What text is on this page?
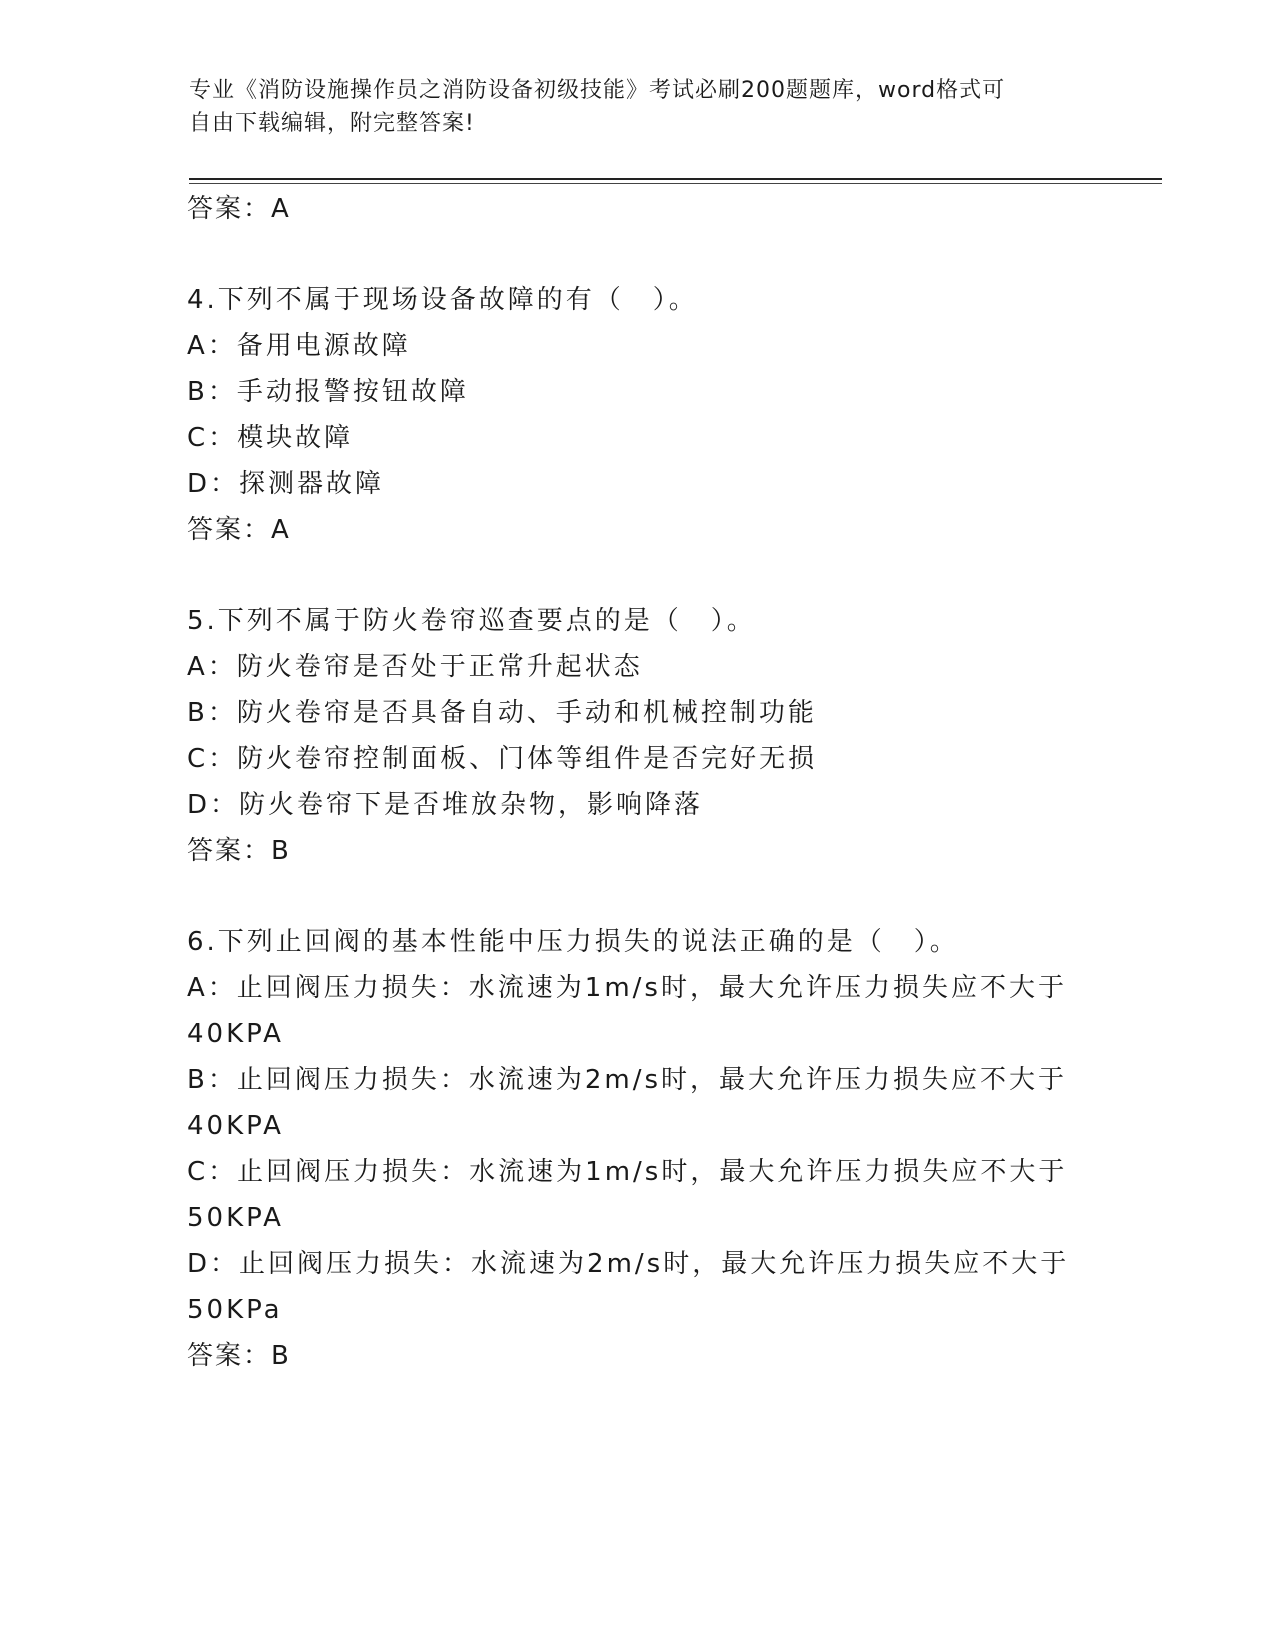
专业《消防设施操作员之消防设备初级技能》考试必刷200题题库，word格式可
自由下载编辑，附完整答案!
答案：A
4.下列不属于现场设备故障的有（　）。
A：备用电源故障
B：手动报警按钮故障
C：模块故障
D：探测器故障
答案：A
5.下列不属于防火卷帘巡查要点的是（　）。
A：防火卷帘是否处于正常升起状态
B：防火卷帘是否具备自动、手动和机械控制功能
C：防火卷帘控制面板、门体等组件是否完好无损
D：防火卷帘下是否堆放杂物，影响降落
答案：B
6.下列止回阀的基本性能中压力损失的说法正确的是（　）。
A：止回阀压力损失：水流速为1m/s时，最大允许压力损失应不大于
40KPA
B：止回阀压力损失：水流速为2m/s时，最大允许压力损失应不大于
40KPA
C：止回阀压力损失：水流速为1m/s时，最大允许压力损失应不大于
50KPA
D：止回阀压力损失：水流速为2m/s时，最大允许压力损失应不大于
50KPa
答案：B
